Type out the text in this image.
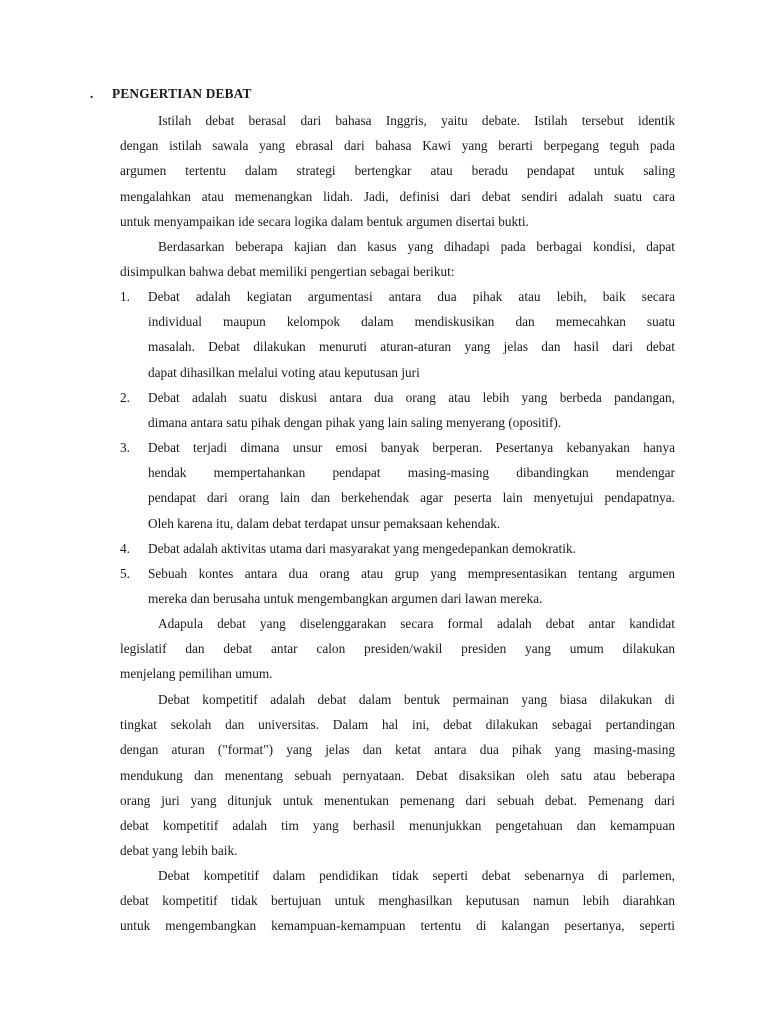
. PENGERTIAN DEBAT
Istilah debat berasal dari bahasa Inggris, yaitu debate. Istilah tersebut identik
dengan istilah sawala yang ebrasal dari bahasa Kawi yang berarti berpegang teguh pada
argumen tertentu dalam strategi bertengkar atau beradu pendapat untuk saling
mengalahkan atau memenangkan lidah. Jadi, definisi dari debat sendiri adalah suatu cara
untuk menyampaikan ide secara logika dalam bentuk argumen disertai bukti.
Berdasarkan beberapa kajian dan kasus yang dihadapi pada berbagai kondisi, dapat
disimpulkan bahwa debat memiliki pengertian sebagai berikut:
1. Debat adalah kegiatan argumentasi antara dua pihak atau lebih, baik secara
individual maupun kelompok dalam mendiskusikan dan memecahkan suatu
masalah. Debat dilakukan menuruti aturan-aturan yang jelas dan hasil dari debat
dapat dihasilkan melalui voting atau keputusan juri
2. Debat adalah suatu diskusi antara dua orang atau lebih yang berbeda pandangan,
dimana antara satu pihak dengan pihak yang lain saling menyerang (opositif).
3. Debat terjadi dimana unsur emosi banyak berperan. Pesertanya kebanyakan hanya
hendak mempertahankan pendapat masing-masing dibandingkan mendengar
pendapat dari orang lain dan berkehendak agar peserta lain menyetujui pendapatnya.
Oleh karena itu, dalam debat terdapat unsur pemaksaan kehendak.
4. Debat adalah aktivitas utama dari masyarakat yang mengedepankan demokratik.
5. Sebuah kontes antara dua orang atau grup yang mempresentasikan tentang argumen
mereka dan berusaha untuk mengembangkan argumen dari lawan mereka.
Adapula debat yang diselenggarakan secara formal adalah debat antar kandidat
legislatif dan debat antar calon presiden/wakil presiden yang umum dilakukan
menjelang pemilihan umum.
Debat kompetitif adalah debat dalam bentuk permainan yang biasa dilakukan di
tingkat sekolah dan universitas. Dalam hal ini, debat dilakukan sebagai pertandingan
dengan aturan ("format") yang jelas dan ketat antara dua pihak yang masing-masing
mendukung dan menentang sebuah pernyataan. Debat disaksikan oleh satu atau beberapa
orang juri yang ditunjuk untuk menentukan pemenang dari sebuah debat. Pemenang dari
debat kompetitif adalah tim yang berhasil menunjukkan pengetahuan dan kemampuan
debat yang lebih baik.
Debat kompetitif dalam pendidikan tidak seperti debat sebenarnya di parlemen,
debat kompetitif tidak bertujuan untuk menghasilkan keputusan namun lebih diarahkan
untuk mengembangkan kemampuan-kemampuan tertentu di kalangan pesertanya, seperti
